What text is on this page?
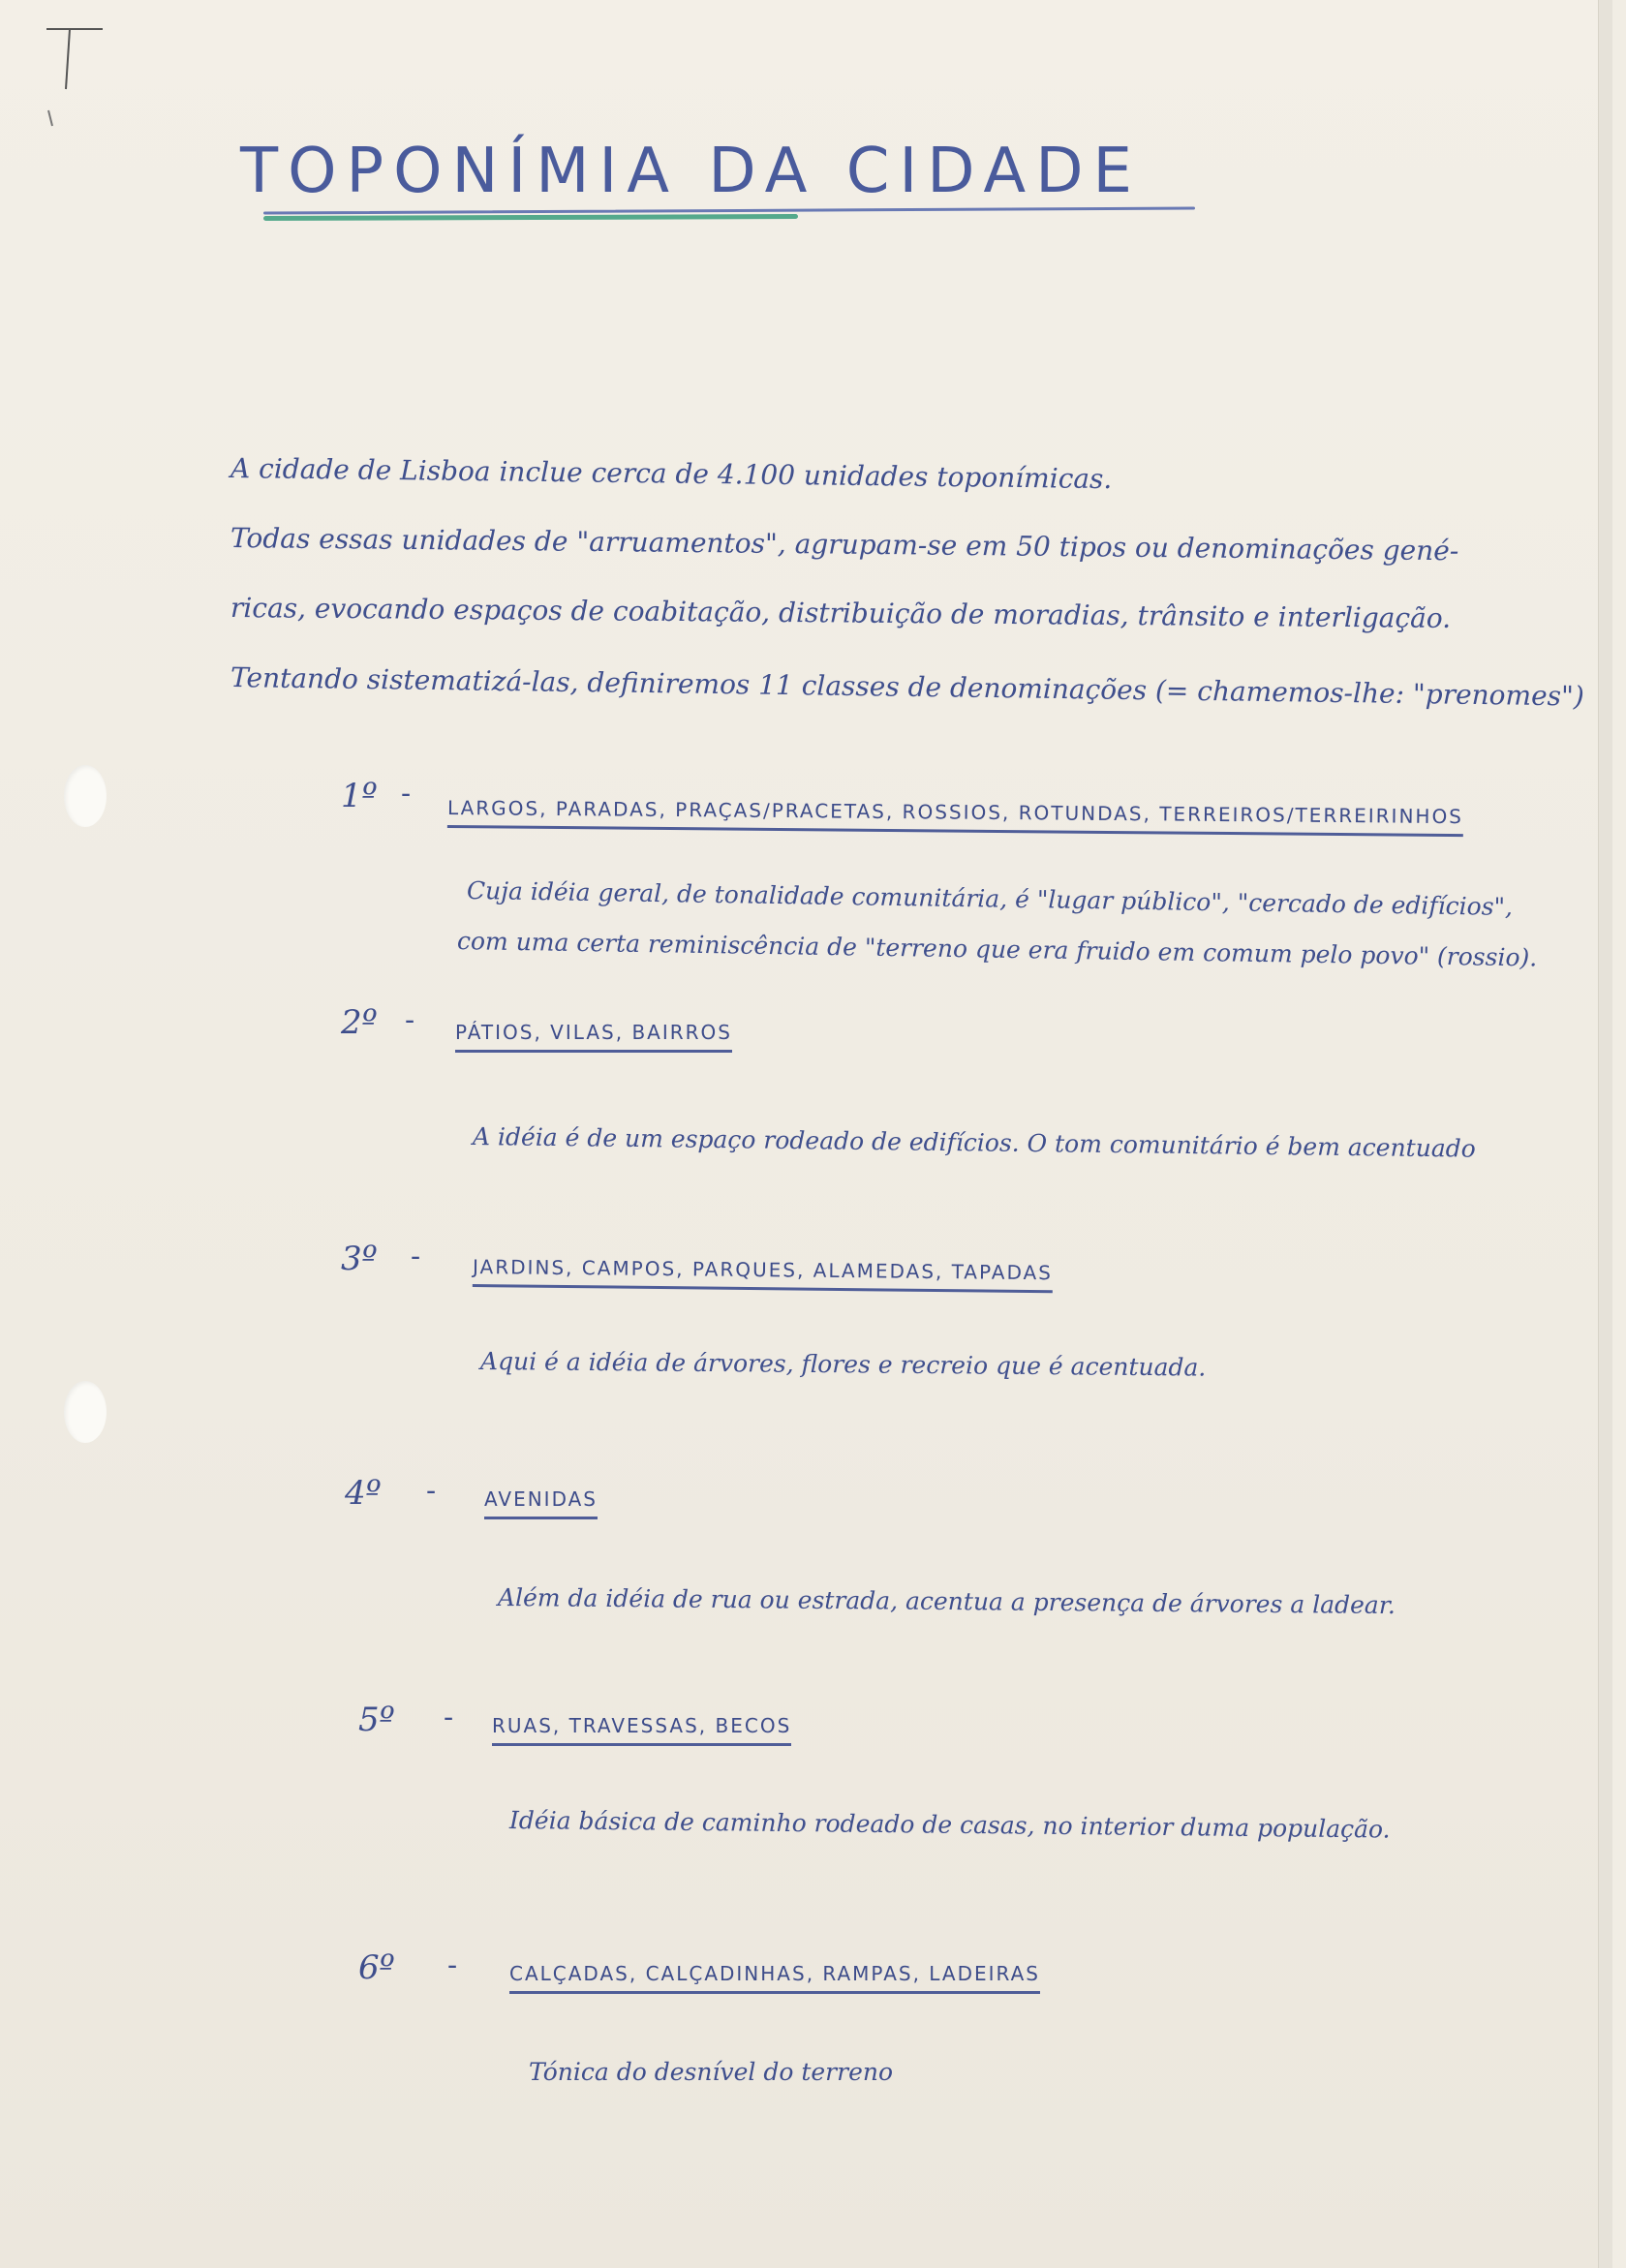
TOPONÍMIA DA CIDADE

A cidade de Lisboa inclue cerca de 4.100 unidades toponímicas.

Todas essas unidades de "arruamentos", agrupam-se em 50 tipos ou denominações gené-

ricas, evocando espaços de coabitação, distribuição de moradias, trânsito e interligação.

Tentando sistematizá-las, definiremos 11 classes de denominações (= chamemos-lhe: "prenomes")

1º -
LARGOS, PARADAS, PRAÇAS/PRACETAS, ROSSIOS, ROTUNDAS, TERREIROS/TERREIRINHOS
Cuja idéia geral, de tonalidade comunitária, é "lugar público", "cercado de edifícios",
com uma certa reminiscência de "terreno que era fruido em comum pelo povo" (rossio).
2º - PÁTIOS, VILAS, BAIRROS
A idéia é de um espaço rodeado de edifícios. O tom comunitário é bem acentuado
3º -	JARDINS, CAMPOS, PARQUES, ALAMEDAS, TAPADAS
Aqui é a idéia de árvores, flores e recreio que é acentuada.
4º - AVENIDAS
Além da idéia de rua ou estrada, acentua a presença de árvores a ladear.
5º - RUAS, TRAVESSAS, BECOS
Idéia básica de caminho rodeado de casas, no interior duma população.
6º -	CALÇADAS, CALÇADINHAS, RAMPAS, LADEIRAS
Tónica do desnível do terreno
